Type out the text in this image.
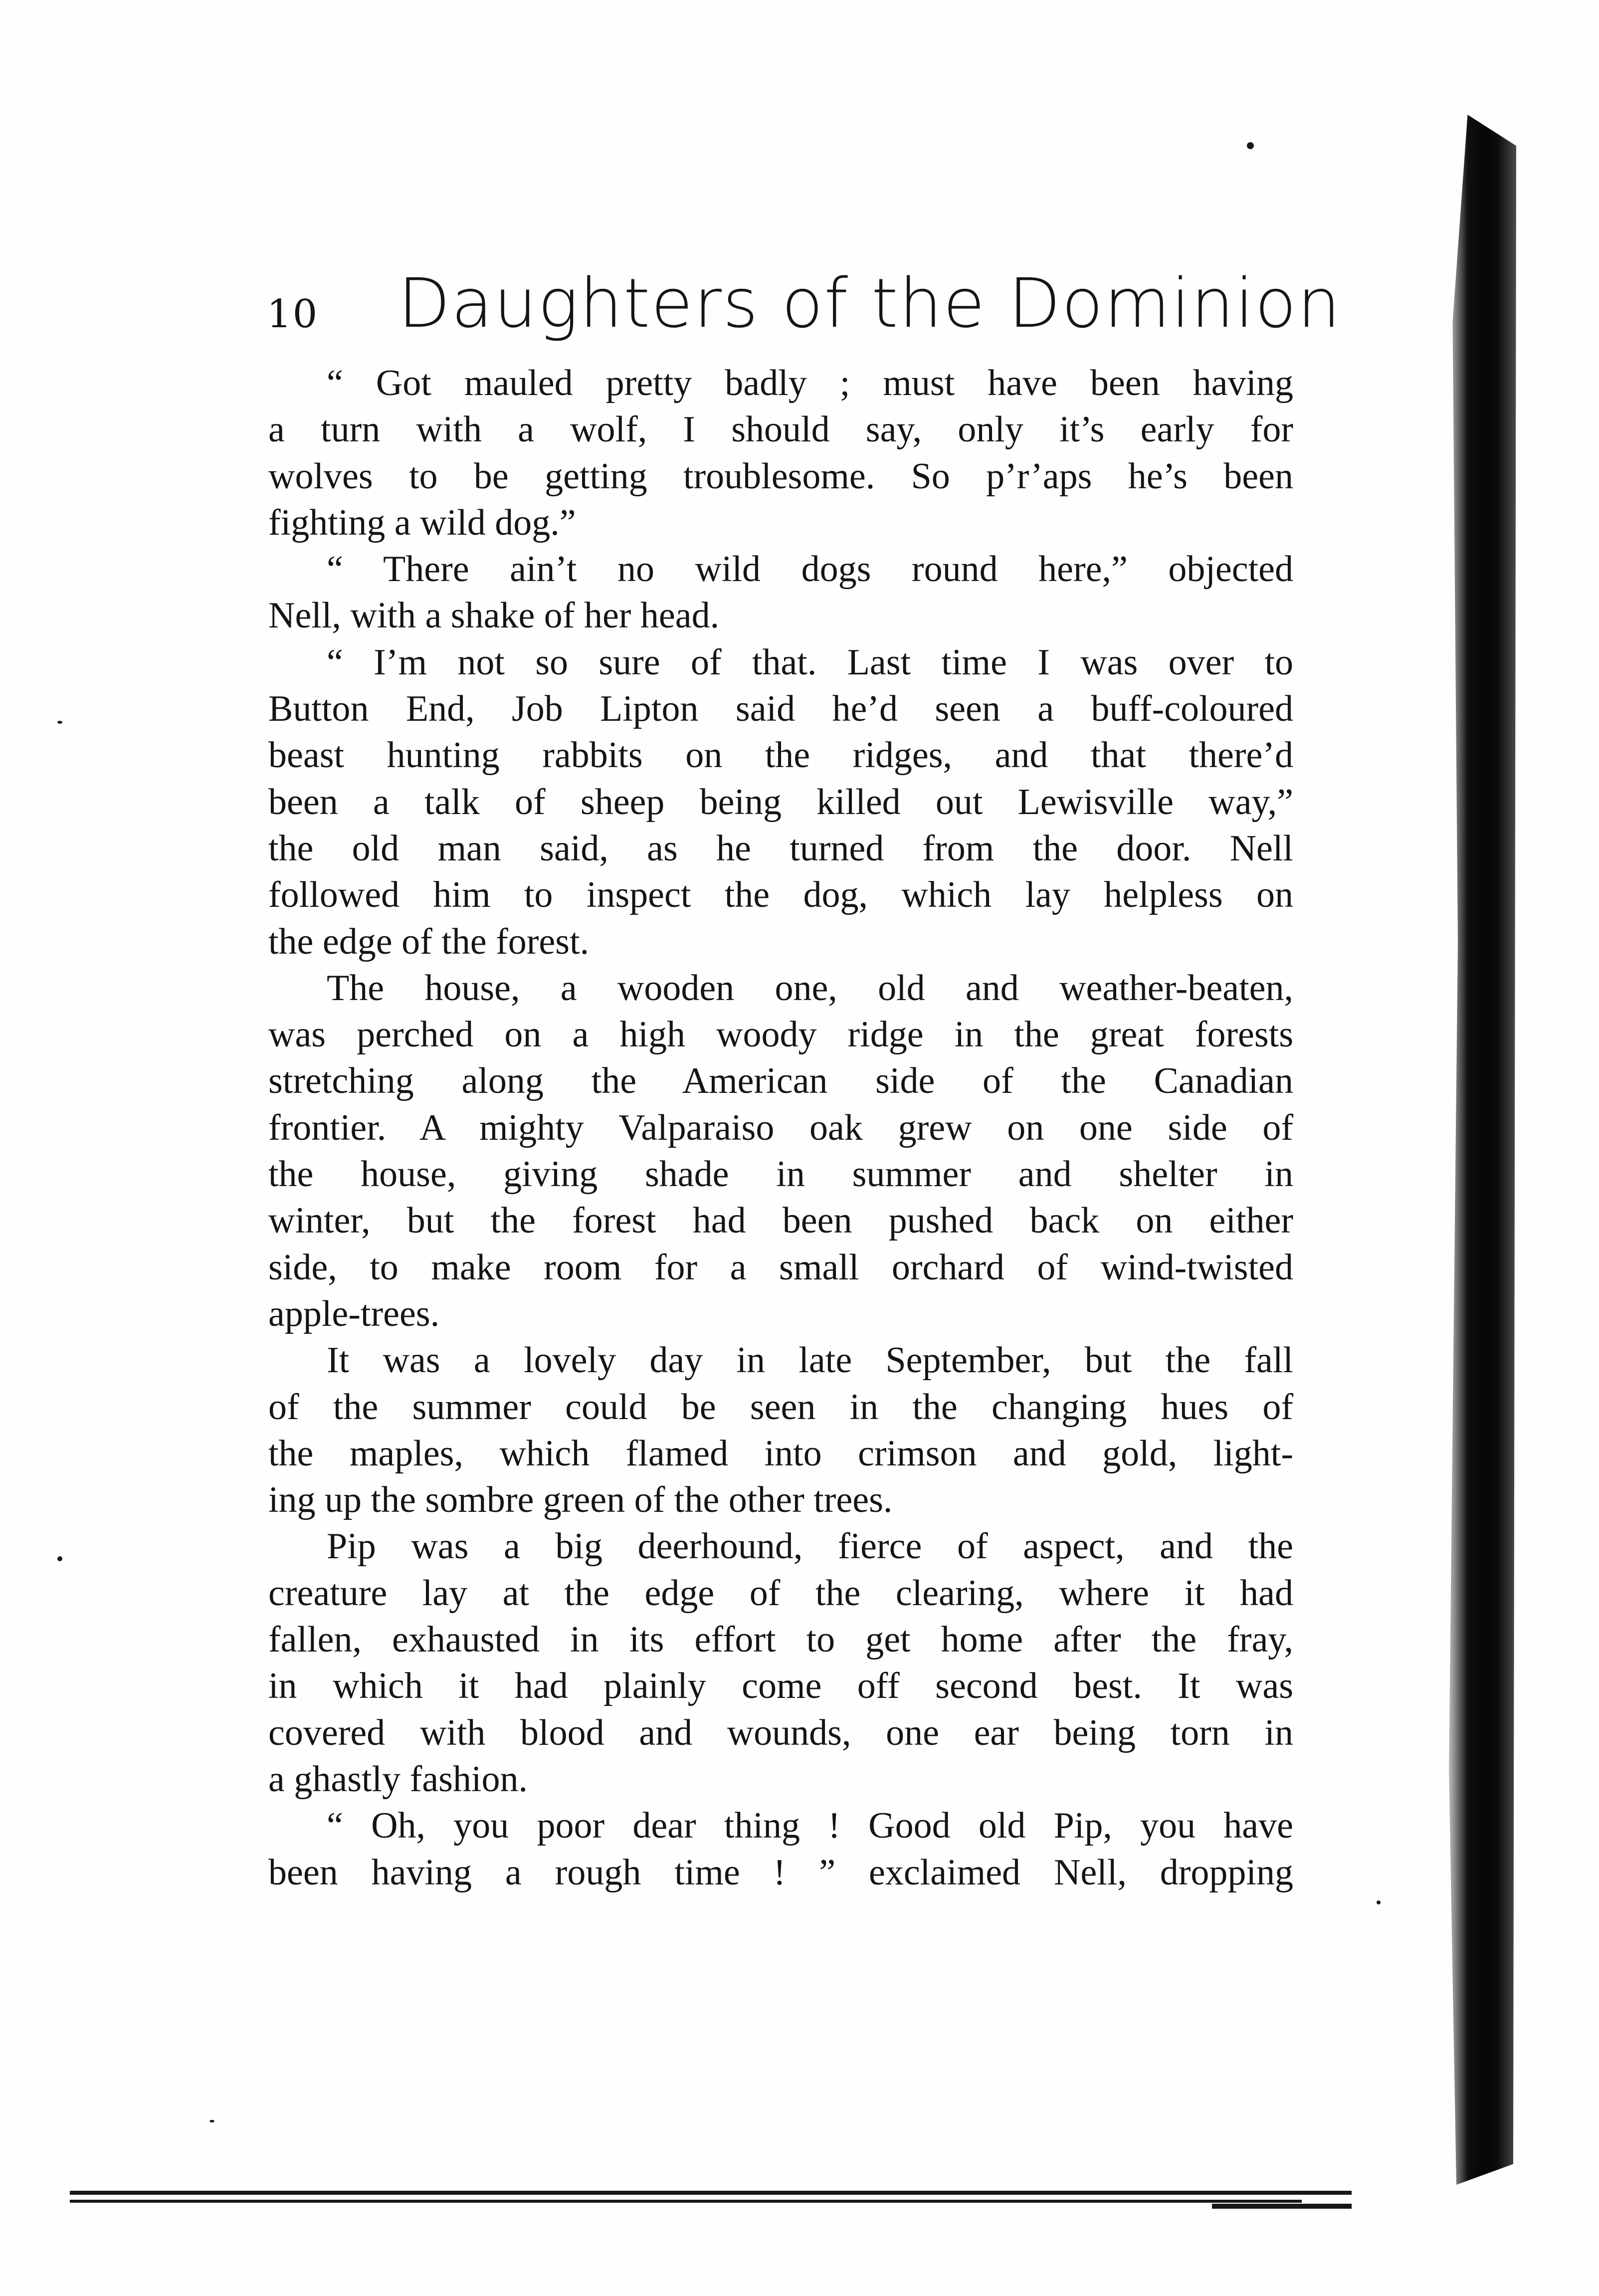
10 Daughters of the Dominion
“ Got mauled pretty badly ; must have been having
a turn with a wolf, I should say, only it’s early for
wolves to be getting troublesome. So p’r’aps he’s been
fighting a wild dog.”
“ There ain’t no wild dogs round here,” objected
Nell, with a shake of her head.
“ I’m not so sure of that. Last time I was over to
Button End, Job Lipton said he’d seen a buff-coloured
beast hunting rabbits on the ridges, and that there’d
been a talk of sheep being killed out Lewisville way,”
the old man said, as he turned from the door. Nell
followed him to inspect the dog, which lay helpless on
the edge of the forest.
The house, a wooden one, old and weather-beaten,
was perched on a high woody ridge in the great forests
stretching along the American side of the Canadian
frontier. A mighty Valparaiso oak grew on one side of
the house, giving shade in summer and shelter in
winter, but the forest had been pushed back on either
side, to make room for a small orchard of wind-twisted
apple-trees.
It was a lovely day in late September, but the fall
of the summer could be seen in the changing hues of
the maples, which flamed into crimson and gold, light-
ing up the sombre green of the other trees.
Pip was a big deerhound, fierce of aspect, and the
creature lay at the edge of the clearing, where it had
fallen, exhausted in its effort to get home after the fray,
in which it had plainly come off second best. It was
covered with blood and wounds, one ear being torn in
a ghastly fashion.
“ Oh, you poor dear thing ! Good old Pip, you have
been having a rough time ! ” exclaimed Nell, dropping
